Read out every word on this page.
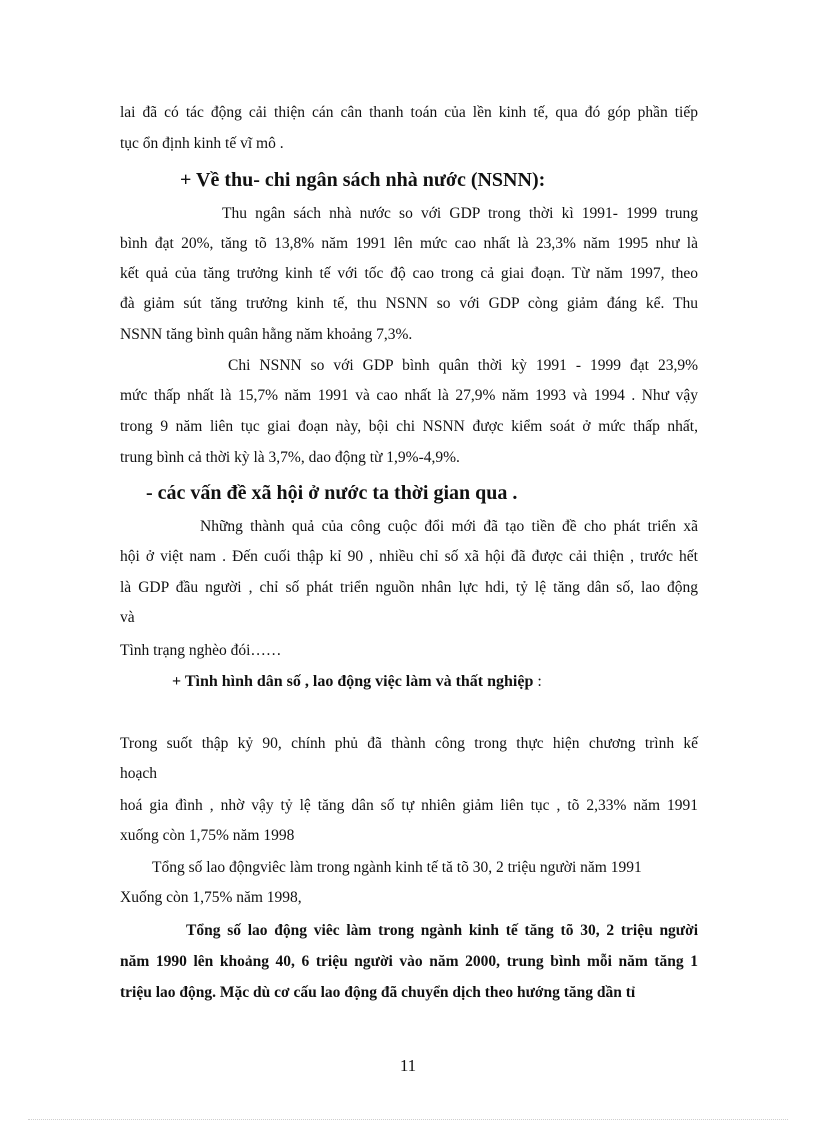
lai đã có tác động cải thiện cán cân thanh toán của lền kinh tế, qua đó góp phần tiếp
tục ổn định kinh tế vĩ mô .
+ Về thu- chi ngân sách nhà nước (NSNN):
Thu ngân sách nhà nước so với GDP trong thời kì 1991- 1999 trung
bình đạt 20%, tăng tõ 13,8% năm 1991 lên mức cao nhất là 23,3% năm 1995 như là
kết quả của tăng trưởng kinh tế với tốc độ cao trong cả giai đoạn. Từ năm 1997, theo
đà giảm sút tăng trưởng kinh tế, thu NSNN so với GDP còng giảm đáng kể. Thu
NSNN tăng bình quân hằng năm khoảng 7,3%.
Chi NSNN so với GDP bình quân thời kỳ 1991 - 1999 đạt 23,9%
mức thấp nhất là 15,7% năm 1991 và cao nhất là 27,9% năm 1993 và 1994 . Như vậy
trong 9 năm liên tục giai đoạn này, bội chi NSNN được kiểm soát ở mức thấp nhất,
trung bình cả thời kỳ là 3,7%, dao động từ 1,9%-4,9%.
- các vấn đề xã hội ở nước ta thời gian qua .
Những thành quả của công cuộc đổi mới đã tạo tiền đề cho phát triển xã
hội ở việt nam . Đến cuối thập kỉ 90 , nhiều chỉ số xã hội đã được cải thiện , trước hết
là GDP đầu người , chỉ số phát triển nguồn nhân lực hdi, tỷ lệ tăng dân số, lao động
và
Tình trạng nghèo đói……
+ Tình hình dân số , lao động việc làm và thất nghiệp :
Trong suốt thập kỷ 90, chính phủ đã thành công trong thực hiện chương trình kế
hoạch
hoá gia đình , nhờ vậy tỷ lệ tăng dân số tự nhiên giảm liên tục , tõ 2,33% năm 1991
xuống còn 1,75% năm 1998
Tổng số lao độngviêc làm trong ngành kinh tế tă tõ 30, 2 triệu người năm 1991
Xuống còn 1,75% năm 1998,
Tổng số lao động viêc làm trong ngành kinh tế tăng tõ 30, 2 triệu người
năm 1990 lên khoảng 40, 6 triệu người vào năm 2000, trung bình mỗi năm tăng 1
triệu lao động. Mặc dù cơ cấu lao động đã chuyển dịch theo hướng tăng dần tỉ
11
